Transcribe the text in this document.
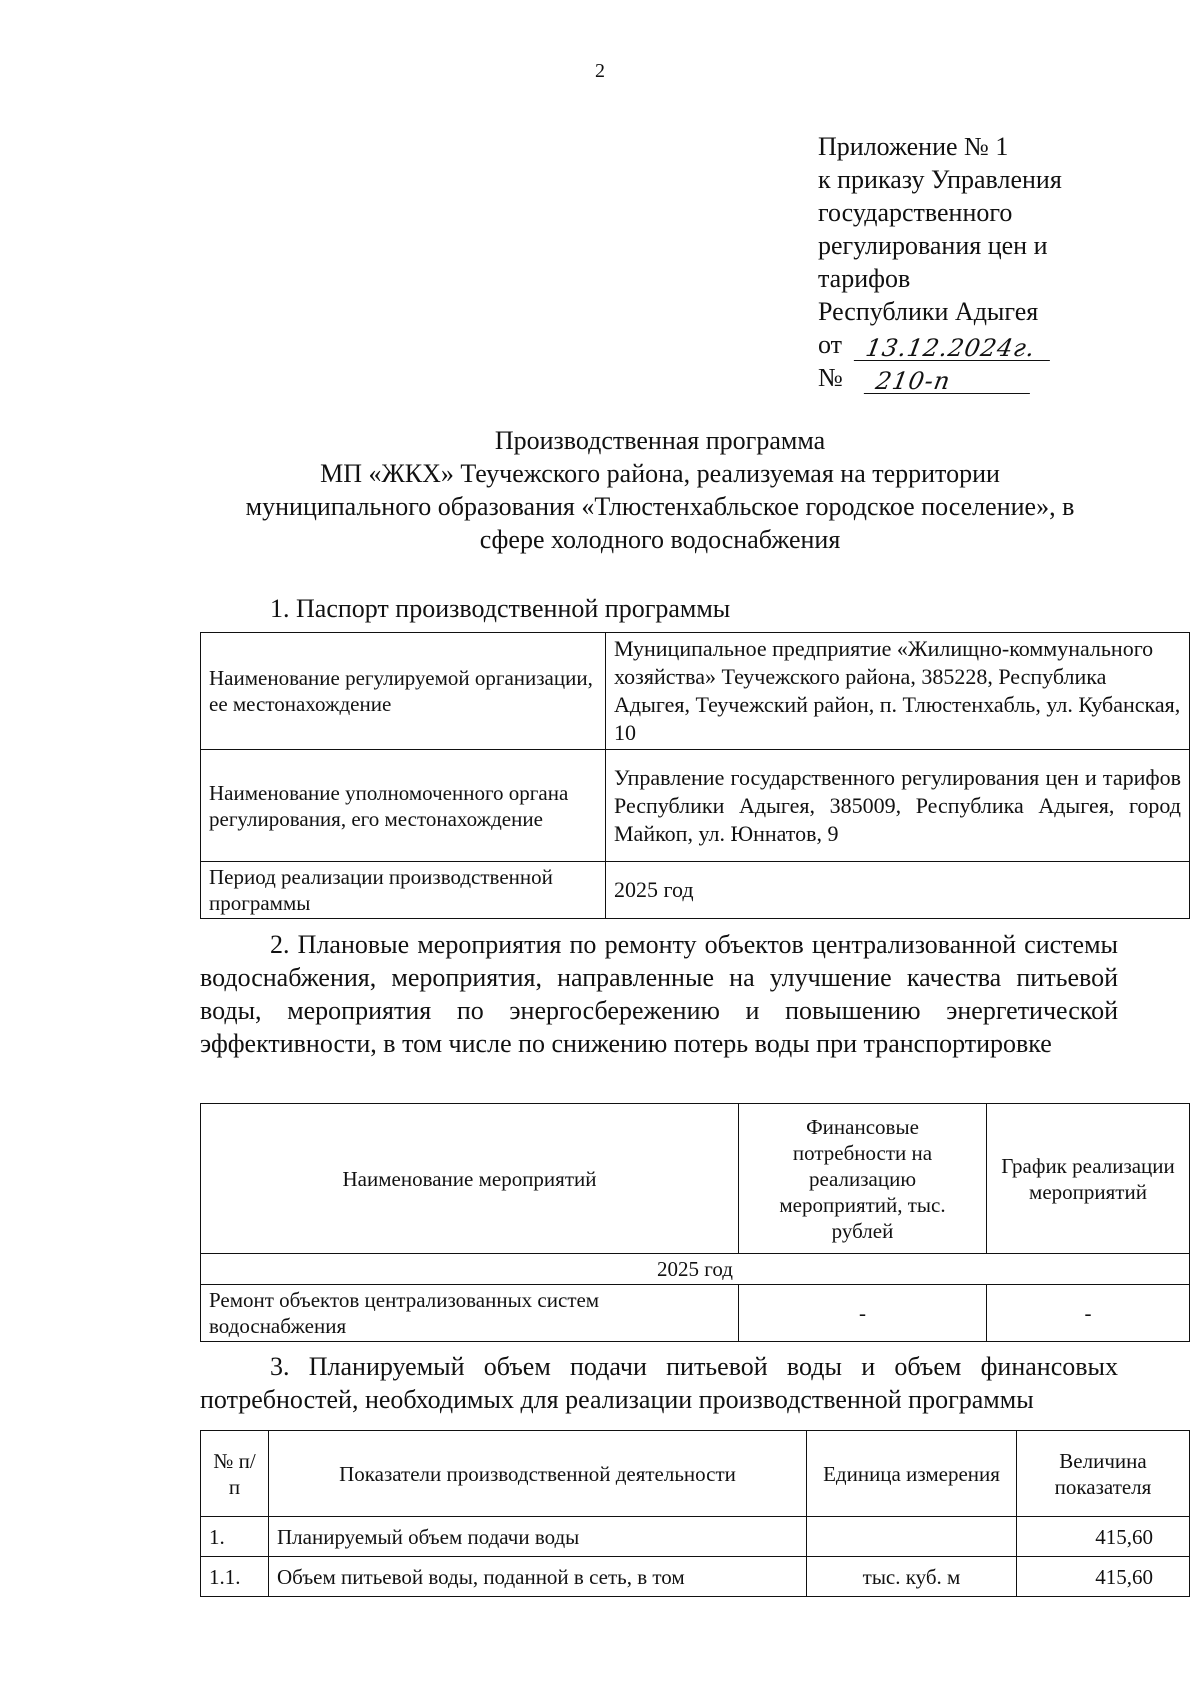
2
Приложение № 1
к приказу Управления
государственного
регулирования цен и
тарифов
Республики Адыгея
от 13.12.2024г.
№	210-п
Производственная программа
МП «ЖКХ» Теучежского района, реализуемая на территории
муниципального образования «Тлюстенхабльское городское поселение», в
сфере холодного водоснабжения
1. Паспорт производственной программы
Наименование регулируемой организации, ее местонахождение	Муниципальное предприятие «Жилищно-коммунального хозяйства» Теучежского района, 385228, Республика Адыгея, Теучежский район, п. Тлюстенхабль, ул. Кубанская, 10
Наименование уполномоченного органа регулирования, его местонахождение	Управление государственного регулирования цен и тарифов Республики Адыгея, 385009, Республика Адыгея, город Майкоп, ул. Юннатов, 9
Период реализации производственной программы	2025 год
2. Плановые мероприятия по ремонту объектов централизованной системы водоснабжения, мероприятия, направленные на улучшение качества питьевой воды, мероприятия по энергосбережению и повышению энергетической эффективности, в том числе по снижению потерь воды при транспортировке
Наименование мероприятий	Финансовые потребности на реализацию мероприятий, тыс. рублей	График реализации мероприятий
2025 год		
Ремонт объектов централизованных систем водоснабжения	-	-
3. Планируемый объем подачи питьевой воды и объем финансовых потребностей, необходимых для реализации производственной программы
№ п/п	Показатели производственной деятельности	Единица измерения	Величина показателя
1.	Планируемый объем подачи воды		415,60
1.1.	Объем питьевой воды, поданной в сеть, в том	тыс. куб. м	415,60
